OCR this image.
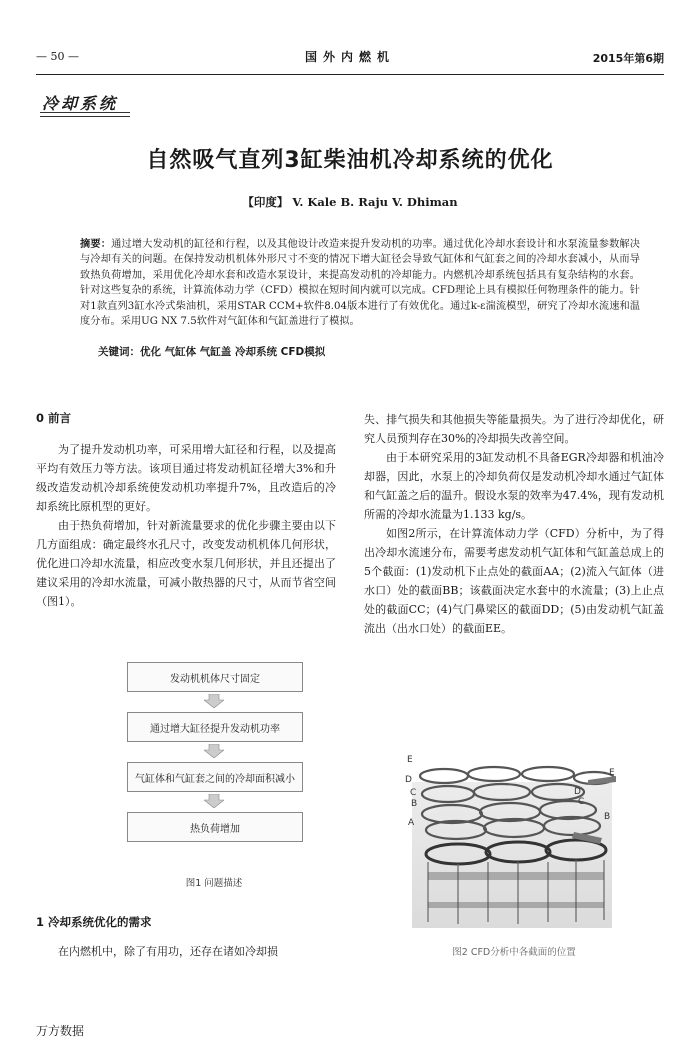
— 50 —	国外内燃机	2015年第6期
冷却系统
自然吸气直列3缸柴油机冷却系统的优化
【印度】 V. Kale B. Raju V. Dhiman
摘要：通过增大发动机的缸径和行程，以及其他设计改造来提升发动机的功率。通过优化冷却水套设计和水泵流量参数解决与冷却有关的问题。在保持发动机机体外形尺寸不变的情况下增大缸径会导致气缸体和气缸套之间的冷却水套减小，从而导致热负荷增加，采用优化冷却水套和改造水泵设计，来提高发动机的冷却能力。内燃机冷却系统包括具有复杂结构的水套。针对这些复杂的系统，计算流体动力学（CFD）模拟在短时间内就可以完成。CFD理论上具有模拟任何物理条件的能力。针对1款直列3缸水冷式柴油机，采用STAR CCM+软件8.04版本进行了有效优化。通过k-ε湍流模型，研究了冷却水流速和温度分布。采用UG NX 7.5软件对气缸体和气缸盖进行了模拟。
关键词：优化 气缸体 气缸盖 冷却系统 CFD模拟
0 前言

为了提升发动机功率，可采用增大缸径和行程，以及提高平均有效压力等方法。该项目通过将发动机缸径增大3%和升级改造发动机冷却系统使发动机功率提升7%，且改造后的冷却系统比原机型的更好。

由于热负荷增加，针对新流量要求的优化步骤主要由以下几方面组成：确定最终水孔尺寸，改变发动机机体几何形状，优化进口冷却水流量，相应改变水泵几何形状，并且还提出了建议采用的冷却水流量，可减小散热器的尺寸，从而节省空间（图1）。

发动机机体尺寸固定
通过增大缸径提升发动机功率
气缸体和气缸套之间的冷却面积减小
热负荷增加
图1 问题描述
1 冷却系统优化的需求

在内燃机中，除了有用功，还存在诸如冷却损

失、排气损失和其他损失等能量损失。为了进行冷却优化，研究人员预判存在30%的冷却损失改善空间。

由于本研究采用的3缸发动机不具备EGR冷却器和机油冷却器，因此，水泵上的冷却负荷仅是发动机冷却水通过气缸体和气缸盖之后的温升。假设水泵的效率为47.4%，现有发动机所需的冷却水流量为1.133 kg/s。

如图2所示，在计算流体动力学（CFD）分析中，为了得出冷却水流速分布，需要考虑发动机气缸体和气缸盖总成上的5个截面：(1)发动机下止点处的截面AA；(2)流入气缸体（进水口）处的截面BB；该截面决定水套中的水流量；(3)上止点处的截面CC；(4)气门鼻梁区的截面DD；(5)由发动机气缸盖流出（出水口处）的截面EE。

E
D
C
B
A
E
D
C
B
图2 CFD分析中各截面的位置
万方数据
